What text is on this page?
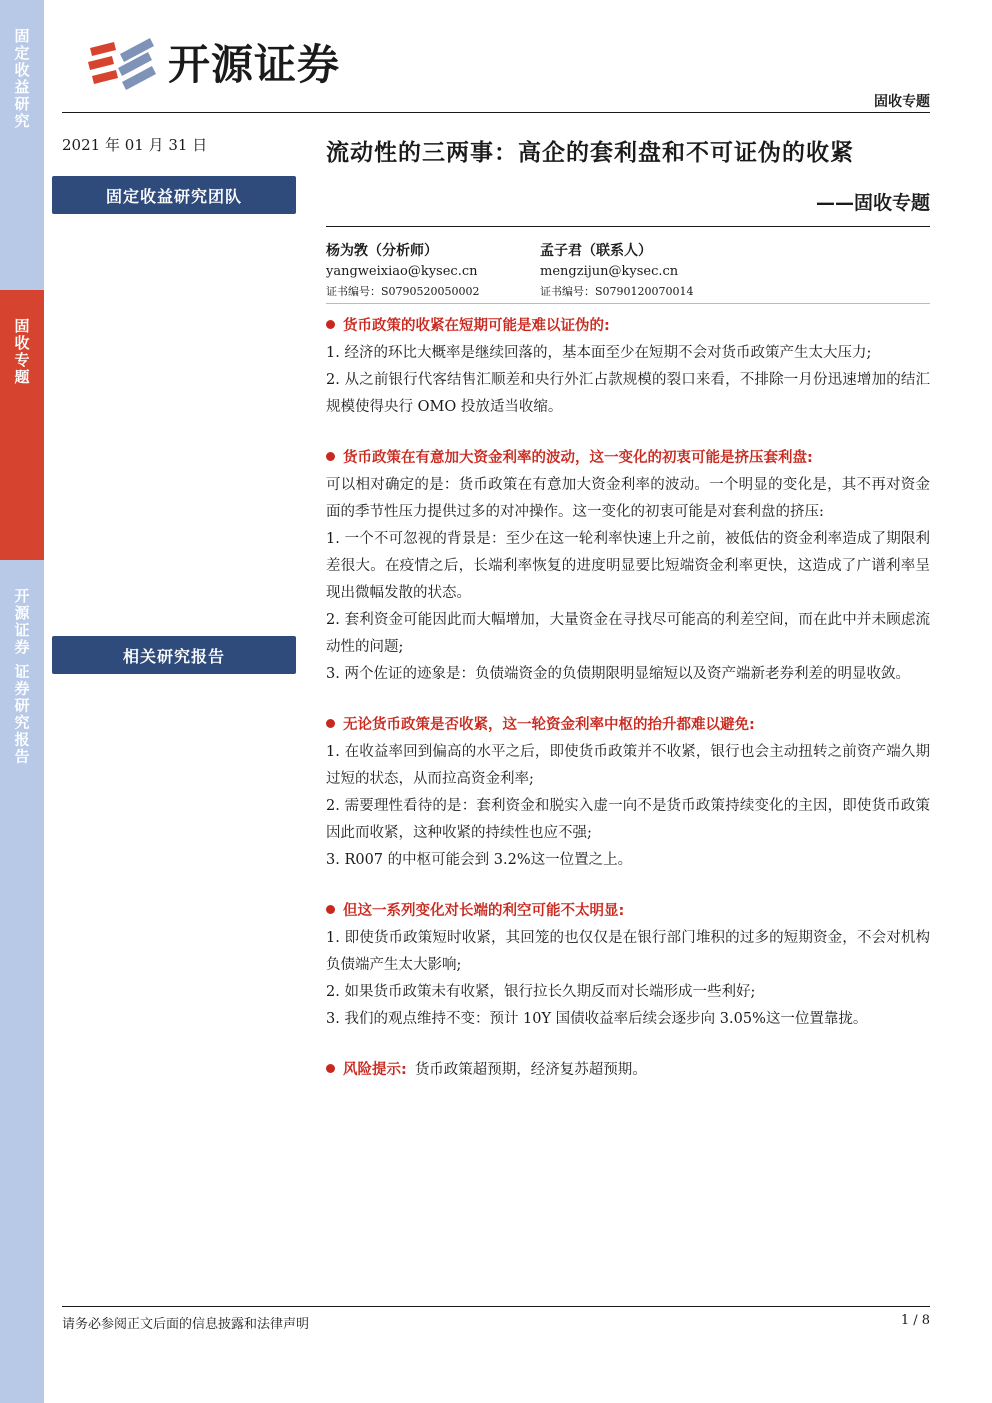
固定收益研究
固收专题
开源证券 证券研究报告
开源证券
固收专题
2021 年 01 月 31 日
固定收益研究团队
相关研究报告
流动性的三两事：高企的套利盘和不可证伪的收紧
——固收专题
杨为敩（分析师）
yangweixiao@kysec.cn
证书编号：S0790520050002
孟子君（联系人）
mengzijun@kysec.cn
证书编号：S0790120070014
货币政策的收紧在短期可能是难以证伪的:

1. 经济的环比大概率是继续回落的，基本面至少在短期不会对货币政策产生太大压力;

2. 从之前银行代客结售汇顺差和央行外汇占款规模的裂口来看，不排除一月份迅速增加的结汇规模使得央行 OMO 投放适当收缩。

货币政策在有意加大资金利率的波动，这一变化的初衷可能是挤压套利盘:

可以相对确定的是：货币政策在有意加大资金利率的波动。一个明显的变化是，其不再对资金面的季节性压力提供过多的对冲操作。这一变化的初衷可能是对套利盘的挤压:

1. 一个不可忽视的背景是：至少在这一轮利率快速上升之前，被低估的资金利率造成了期限利差很大。在疫情之后，长端利率恢复的进度明显要比短端资金利率更快，这造成了广谱利率呈现出微幅发散的状态。

2. 套利资金可能因此而大幅增加，大量资金在寻找尽可能高的利差空间，而在此中并未顾虑流动性的问题;

3. 两个佐证的迹象是：负债端资金的负债期限明显缩短以及资产端新老券利差的明显收敛。

无论货币政策是否收紧，这一轮资金利率中枢的抬升都难以避免:

1. 在收益率回到偏高的水平之后，即使货币政策并不收紧，银行也会主动扭转之前资产端久期过短的状态，从而拉高资金利率;

2. 需要理性看待的是：套利资金和脱实入虚一向不是货币政策持续变化的主因，即使货币政策因此而收紧，这种收紧的持续性也应不强;

3. R007 的中枢可能会到 3.2%这一位置之上。

但这一系列变化对长端的利空可能不太明显:

1. 即使货币政策短时收紧，其回笼的也仅仅是在银行部门堆积的过多的短期资金，不会对机构负债端产生太大影响;

2. 如果货币政策未有收紧，银行拉长久期反而对长端形成一些利好;

3. 我们的观点维持不变：预计 10Y 国债收益率后续会逐步向 3.05%这一位置靠拢。

风险提示: 货币政策超预期，经济复苏超预期。
请务必参阅正文后面的信息披露和法律声明	1 / 8
